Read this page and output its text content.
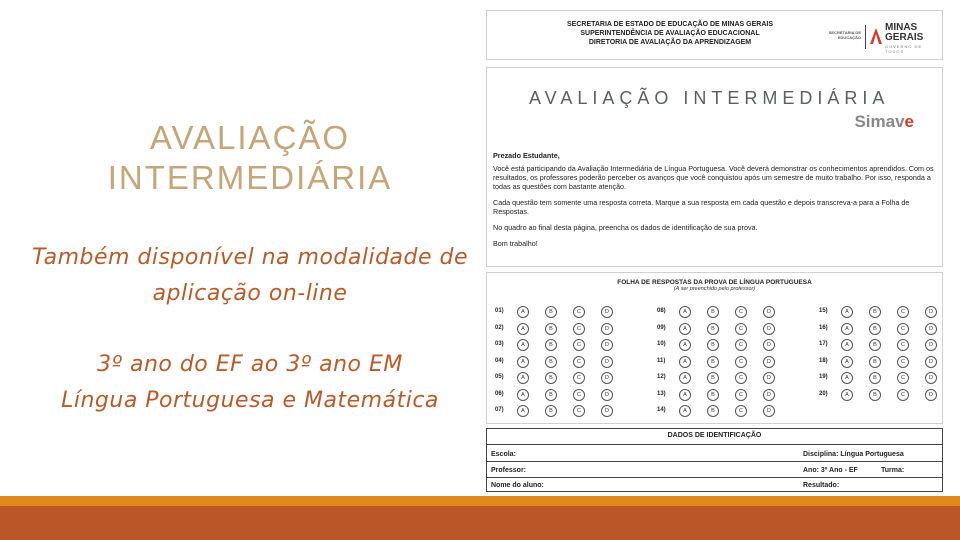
AVALIAÇÃO
INTERMEDIÁRIA
Também disponível na modalidade de
aplicação on-line
3º ano do EF ao 3º ano EM
Língua Portuguesa e Matemática
SECRETARIA DE ESTADO DE EDUCAÇÃO DE MINAS GERAIS
SUPERINTENDÊNCIA DE AVALIAÇÃO EDUCACIONAL
DIRETORIA DE AVALIAÇÃO DA APRENDIZAGEM
SECRETARIA DE
EDUCAÇÃO
MINAS
GERAIS
GOVERNO DE TODOS
AVALIAÇÃO INTERMEDIÁRIA
Simave

Prezado Estudante,

Você está participando da Avaliação Intermediária de Língua Portuguesa. Você deverá demonstrar os conhecimentos aprendidos. Com os resultados, os professores poderão perceber os avanços que você conquistou após um semestre de muito trabalho. Por isso, responda a todas as questões com bastante atenção.

Cada questão tem somente uma resposta correta. Marque a sua resposta em cada questão e depois transcreva-a para a Folha de Respostas.

No quadro ao final desta página, preencha os dados de identificação de sua prova.

Bom trabalho!

FOLHA DE RESPOSTAS DA PROVA DE LÍNGUA PORTUGUESA
(A ser preenchido pelo professor)
01)	A	B	C	D
02)	A	B	C	D
03)	A	B	C	D
04)	A	B	C	D
05)	A	B	C	D
06)	A	B	C	D
07)	A	B	C	D
08)	A	B	C	D
09)	A	B	C	D
10)	A	B	C	D
11)	A	B	C	D
12)	A	B	C	D
13)	A	B	C	D
14)	A	B	C	D
15)	A	B	C	D
16)	A	B	C	D
17)	A	B	C	D
18)	A	B	C	D
19)	A	B	C	D
20)	A	B	C	D
DADOS DE IDENTIFICAÇÃO
Escola:	Disciplina: Língua Portuguesa
Professor:	Ano: 3º Ano - EF	Turma:
Nome do aluno:	Resultado:
